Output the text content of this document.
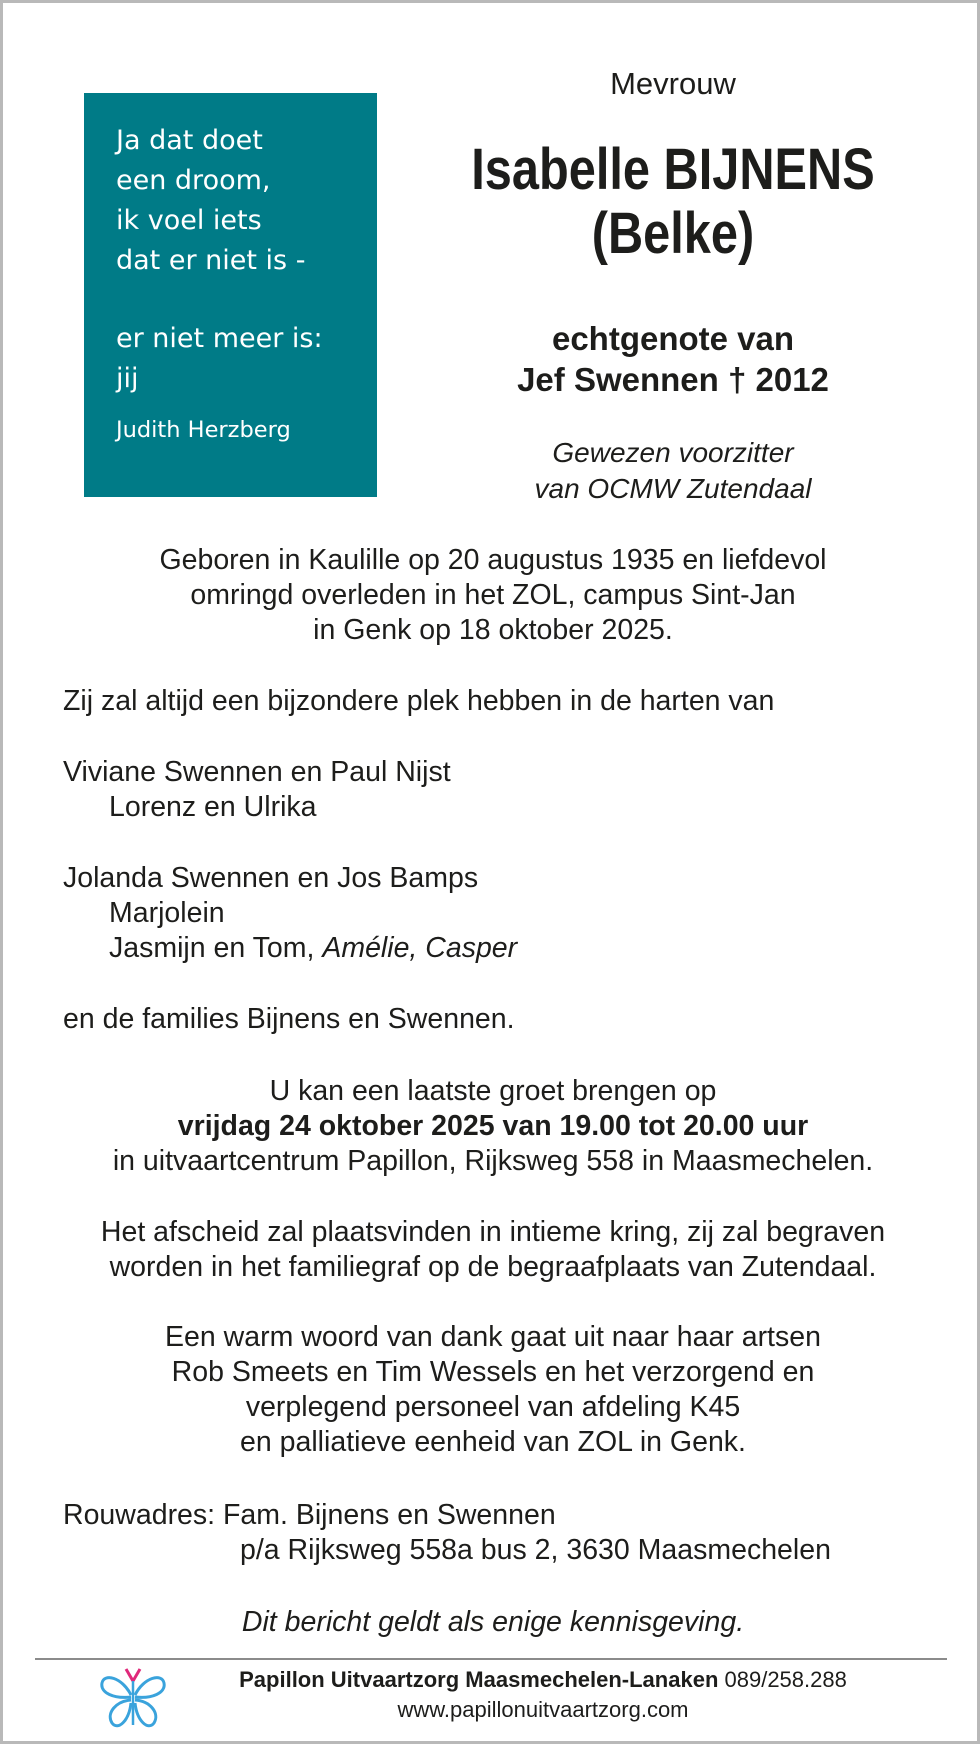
Ja dat doet
een droom,
ik voel iets
dat er niet is -
er niet meer is:
jij
Judith Herzberg
Mevrouw
Isabelle BIJNENS
(Belke)
echtgenote van
Jef Swennen † 2012
Gewezen voorzitter
van OCMW Zutendaal
Geboren in Kaulille op 20 augustus 1935 en liefdevol
omringd overleden in het ZOL, campus Sint-Jan
in Genk op 18 oktober 2025.
Zij zal altijd een bijzondere plek hebben in de harten van
Viviane Swennen en Paul Nijst
Lorenz en Ulrika
Jolanda Swennen en Jos Bamps
Marjolein
Jasmijn en Tom, Amélie, Casper
en de families Bijnens en Swennen.
U kan een laatste groet brengen op
vrijdag 24 oktober 2025 van 19.00 tot 20.00 uur
in uitvaartcentrum Papillon, Rijksweg 558 in Maasmechelen.
Het afscheid zal plaatsvinden in intieme kring, zij zal begraven
worden in het familiegraf op de begraafplaats van Zutendaal.
Een warm woord van dank gaat uit naar haar artsen
Rob Smeets en Tim Wessels en het verzorgend en
verplegend personeel van afdeling K45
en palliatieve eenheid van ZOL in Genk.
Rouwadres: Fam. Bijnens en Swennen
p/a Rijksweg 558a bus 2, 3630 Maasmechelen
Dit bericht geldt als enige kennisgeving.
Papillon Uitvaartzorg Maasmechelen-Lanaken 089/258.288
www.papillonuitvaartzorg.com
